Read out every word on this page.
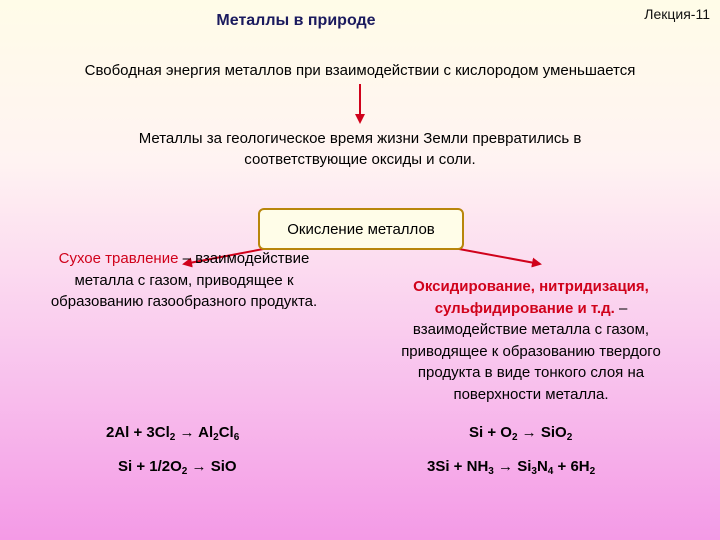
Металлы в природе	Лекция-11
Свободная энергия металлов при взаимодействии с кислородом уменьшается
Металлы за геологическое время жизни Земли превратились в
соответствующие оксиды и соли.
Окисление металлов
Сухое травление – взаимодействие
металла с газом, приводящее к
образованию газообразного продукта.
Оксидирование, нитридизация,
сульфидирование и т.д. –
взаимодействие металла с газом,
приводящее к образованию твердого
продукта в виде тонкого слоя на
поверхности металла.
$2Al + 3Cl_2 \to Al_2Cl_6$	$Si + O_2 \to SiO_2$
$Si + 1/2O_2$ → SiO	$3Si + NH_3 \to Si_3N_4 + 6H_2$
